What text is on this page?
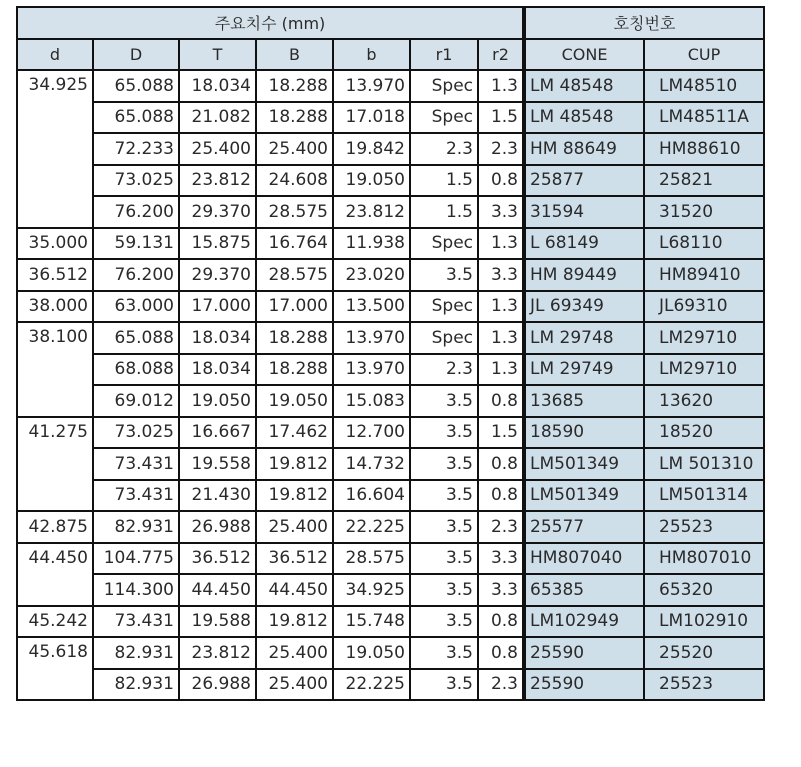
주요치수 (mm)							호칭번호	
d	D	T	B	b	r1	r2	CONE	CUP
34.925	65.088	18.034	18.288	13.970	Spec	1.3	LM 48548	LM48510
	65.088	21.082	18.288	17.018	Spec	1.5	LM 48548	LM48511A
	72.233	25.400	25.400	19.842	2.3	2.3	HM 88649	HM88610
	73.025	23.812	24.608	19.050	1.5	0.8	25877	25821
	76.200	29.370	28.575	23.812	1.5	3.3	31594	31520
35.000	59.131	15.875	16.764	11.938	Spec	1.3	L 68149	L68110
36.512	76.200	29.370	28.575	23.020	3.5	3.3	HM 89449	HM89410
38.000	63.000	17.000	17.000	13.500	Spec	1.3	JL 69349	JL69310
38.100	65.088	18.034	18.288	13.970	Spec	1.3	LM 29748	LM29710
	68.088	18.034	18.288	13.970	2.3	1.3	LM 29749	LM29710
	69.012	19.050	19.050	15.083	3.5	0.8	13685	13620
41.275	73.025	16.667	17.462	12.700	3.5	1.5	18590	18520
	73.431	19.558	19.812	14.732	3.5	0.8	LM501349	LM 501310
	73.431	21.430	19.812	16.604	3.5	0.8	LM501349	LM501314
42.875	82.931	26.988	25.400	22.225	3.5	2.3	25577	25523
44.450	104.775	36.512	36.512	28.575	3.5	3.3	HM807040	HM807010
	114.300	44.450	44.450	34.925	3.5	3.3	65385	65320
45.242	73.431	19.588	19.812	15.748	3.5	0.8	LM102949	LM102910
45.618	82.931	23.812	25.400	19.050	3.5	0.8	25590	25520
	82.931	26.988	25.400	22.225	3.5	2.3	25590	25523
